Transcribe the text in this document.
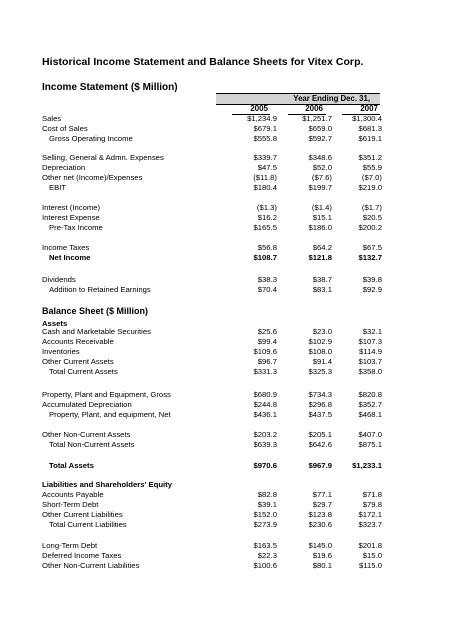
Historical Income Statement and Balance Sheets for Vitex Corp.
Income Statement ($ Million)
Year Ending Dec. 31,
2005	2006	2007
Sales	$1,234.9	$1,251.7	$1,300.4
Cost of Sales	$679.1	$659.0	$681.3
Gross Operating Income	$555.8	$592.7	$619.1
Selling, General & Admn. Expenses	$339.7	$348.6	$351.2
Depreciation	$47.5	$52.0	$55.9
Other net (Income)/Expenses	($11.8)	($7.6)	($7.0)
EBIT	$180.4	$199.7	$219.0
Interest (Income)	($1.3)	($1.4)	($1.7)
Interest Expense	$16.2	$15.1	$20.5
Pre-Tax Income	$165.5	$186.0	$200.2
Income Taxes	$56.8	$64.2	$67.5
Net Income	$108.7	$121.8	$132.7
Dividends	$38.3	$38.7	$39.8
Addition to Retained Earnings	$70.4	$83.1	$92.9
Balance Sheet ($ Million)
Assets
Cash and Marketable Securities	$25.6	$23.0	$32.1
Accounts Receivable	$99.4	$102.9	$107.3
Inventories	$109.6	$108.0	$114.9
Other Current Assets	$96.7	$91.4	$103.7
Total Current Assets	$331.3	$325.3	$358.0
Property, Plant and Equipment, Gross	$680.9	$734.3	$820.8
Accumulated Depreciation	$244.8	$296.8	$352.7
Property, Plant, and equipment, Net	$436.1	$437.5	$468.1
Other Non-Current Assets	$203.2	$205.1	$407.0
Total Non-Current Assets	$639.3	$642.6	$875.1
Total Assets	$970.6	$967.9	$1,233.1
Liabilities and Shareholders' Equity
Accounts Payable	$82.8	$77.1	$71.8
Short-Term Debt	$39.1	$29.7	$79.8
Other Current Liabilities	$152.0	$123.8	$172.1
Total Current Liabilities	$273.9	$230.6	$323.7
Long-Term Debt	$163.5	$145.0	$201.8
Deferred Income Taxes	$22.3	$19.6	$15.0
Other Non-Current Liabilities	$100.6	$80.1	$115.0
